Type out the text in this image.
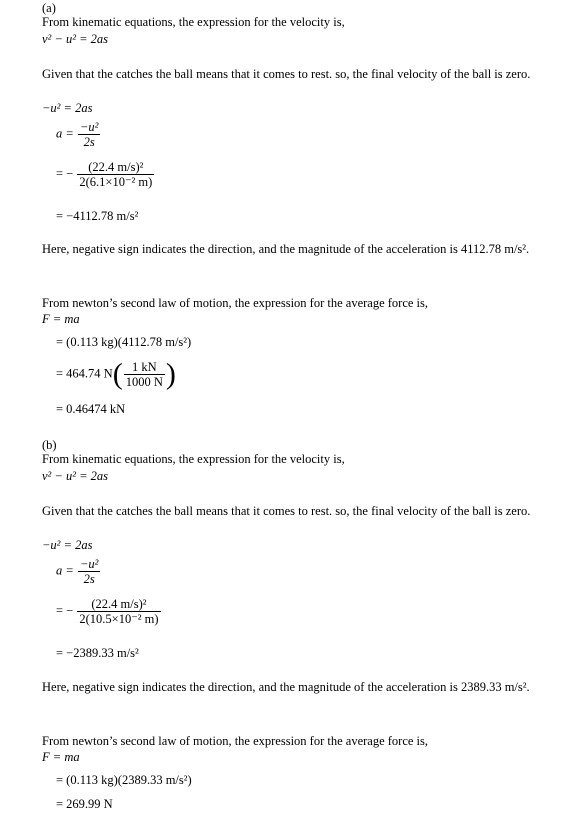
(a)
From kinematic equations, the expression for the velocity is,
v² − u² = 2as
Given that the catches the ball means that it comes to rest. so, the final velocity of the ball is zero.
−u² = 2as
$a = \frac{\text{−u²}}{2s}$
= − $\frac{\text{(22.4 m/s)²}}{\text{2(6.1×10⁻² m)}}$
= −4112.78 m/s²
Here, negative sign indicates the direction, and the magnitude of the acceleration is 4112.78 m/s².
From newton’s second law of motion, the expression for the average force is,
F = ma
= (0.113 kg)(4112.78 m/s²)
= 464.74 $N( \frac{1 kN}{1000 N}$ )
= 0.46474 kN
(b)
From kinematic equations, the expression for the velocity is,
v² − u² = 2as
Given that the catches the ball means that it comes to rest. so, the final velocity of the ball is zero.
−u² = 2as
$a = \frac{\text{−u²}}{2s}$
= − $\frac{\text{(22.4 m/s)²}}{\text{2(10.5×10⁻² m)}}$
= −2389.33 m/s²
Here, negative sign indicates the direction, and the magnitude of the acceleration is 2389.33 m/s².
From newton’s second law of motion, the expression for the average force is,
F = ma
= (0.113 kg)(2389.33 m/s²)
= 269.99 N
